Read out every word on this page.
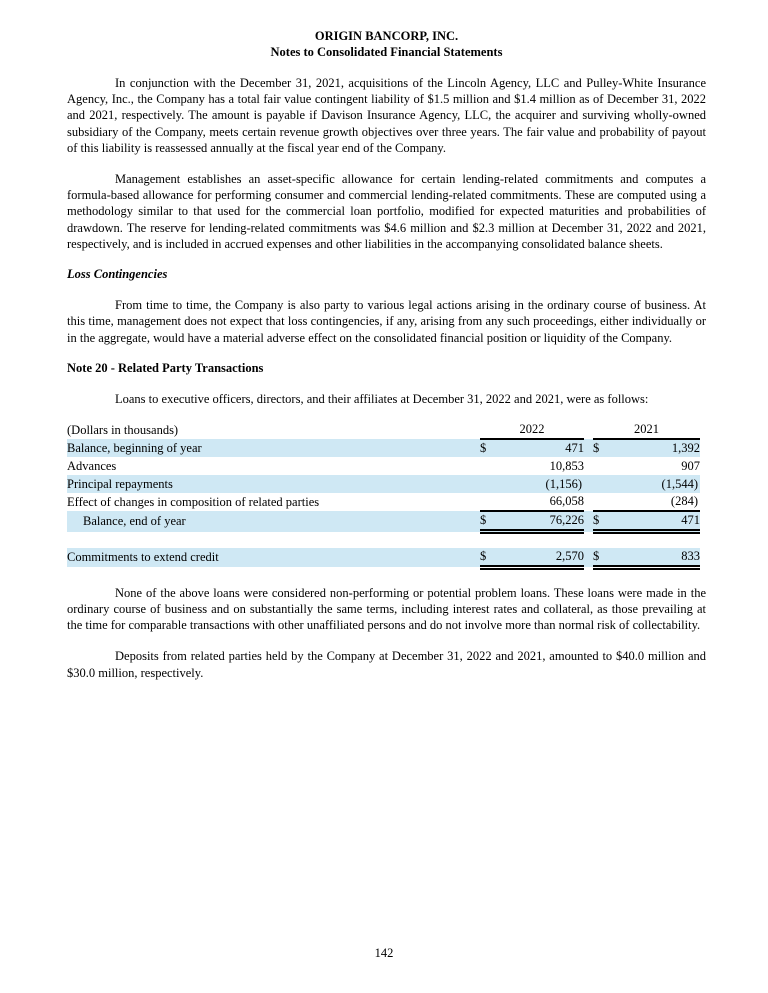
ORIGIN BANCORP, INC.
Notes to Consolidated Financial Statements

In conjunction with the December 31, 2021, acquisitions of the Lincoln Agency, LLC and Pulley-White Insurance Agency, Inc., the Company has a total fair value contingent liability of $1.5 million and $1.4 million as of December 31, 2022 and 2021, respectively. The amount is payable if Davison Insurance Agency, LLC, the acquirer and surviving wholly-owned subsidiary of the Company, meets certain revenue growth objectives over three years. The fair value and probability of payout of this liability is reassessed annually at the fiscal year end of the Company.

Management establishes an asset-specific allowance for certain lending-related commitments and computes a formula-based allowance for performing consumer and commercial lending-related commitments. These are computed using a methodology similar to that used for the commercial loan portfolio, modified for expected maturities and probabilities of drawdown. The reserve for lending-related commitments was $4.6 million and $2.3 million at December 31, 2022 and 2021, respectively, and is included in accrued expenses and other liabilities in the accompanying consolidated balance sheets.

Loss Contingencies

From time to time, the Company is also party to various legal actions arising in the ordinary course of business. At this time, management does not expect that loss contingencies, if any, arising from any such proceedings, either individually or in the aggregate, would have a material adverse effect on the consolidated financial position or liquidity of the Company.

Note 20 - Related Party Transactions

Loans to executive officers, directors, and their affiliates at December 31, 2022 and 2021, were as follows:

(Dollars in thousands)	2022			2021	
Balance, beginning of year	$	471		$	1,392
Advances		10,853			907
Principal repayments		(1,156)			(1,544)
Effect of changes in composition of related parties		66,058			(284)
Balance, end of year	$	76,226		$	471

Commitments to extend credit	$	2,570		$	833

None of the above loans were considered non-performing or potential problem loans. These loans were made in the ordinary course of business and on substantially the same terms, including interest rates and collateral, as those prevailing at the time for comparable transactions with other unaffiliated persons and do not involve more than normal risk of collectability.

Deposits from related parties held by the Company at December 31, 2022 and 2021, amounted to $40.0 million and $30.0 million, respectively.

142
